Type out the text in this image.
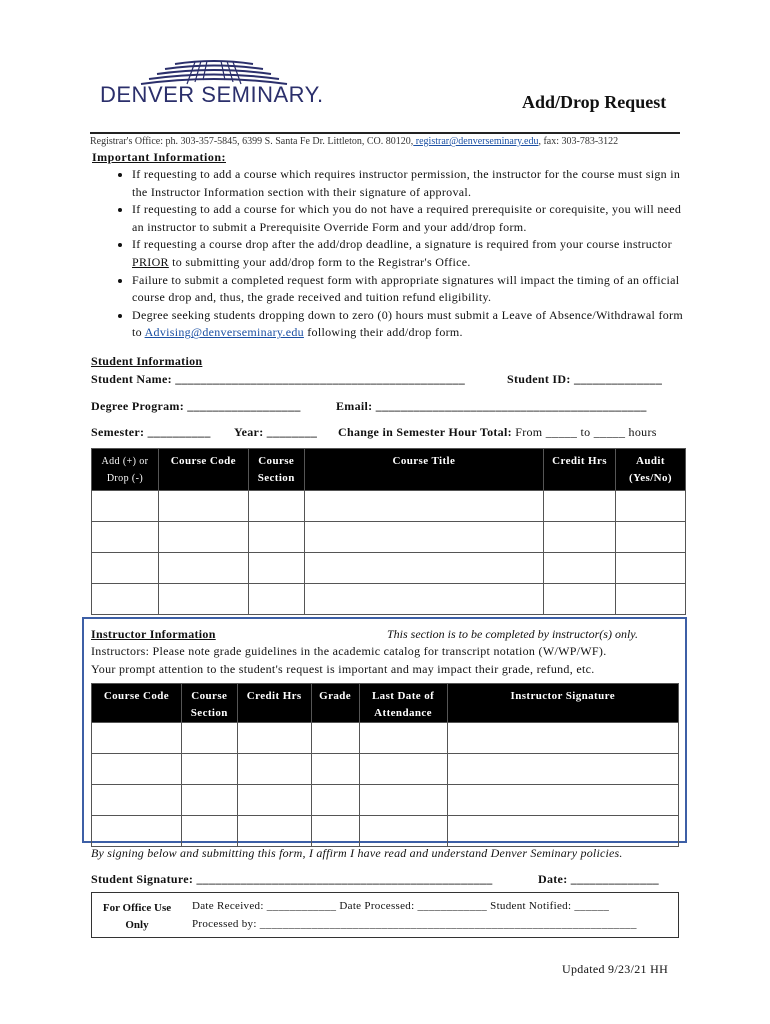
DENVER SEMINARY.	Add/Drop Request
Registrar's Office: ph. 303-357-5845, 6399 S. Santa Fe Dr. Littleton, CO. 80120, registrar@denverseminary.edu, fax: 303-783-3122
Important Information:
• If requesting to add a course which requires instructor permission, the instructor for the course must sign in the Instructor Information section with their signature of approval.
• If requesting to add a course for which you do not have a required prerequisite or corequisite, you will need an instructor to submit a Prerequisite Override Form and your add/drop form.
• If requesting a course drop after the add/drop deadline, a signature is required from your course instructor PRIOR to submitting your add/drop form to the Registrar's Office.
• Failure to submit a completed request form with appropriate signatures will impact the timing of an official course drop and, thus, the grade received and tuition refund eligibility.
• Degree seeking students dropping down to zero (0) hours must submit a Leave of Absence/Withdrawal form to Advising@denverseminary.edu following their add/drop form.
Student Information
Student Name: ______________________________________________	Student ID: ______________
Degree Program: __________________	Email: ___________________________________________
Semester: __________ Year: ________ Change in Semester Hour Total: From _____ to _____ hours
Add (+) or Drop (-)	Course Code	Course Section	Course Title	Credit Hrs	Audit (Yes/No)

Instructor Information	This section is to be completed by instructor(s) only.
Instructors: Please note grade guidelines in the academic catalog for transcript notation (W/WP/WF).
Your prompt attention to the student's request is important and may impact their grade, refund, etc.
Course Code	Course Section	Credit Hrs	Grade	Last Date of Attendance	Instructor Signature

By signing below and submitting this form, I affirm I have read and understand Denver Seminary policies.
Student Signature: _______________________________________________	Date: ______________
For Office Use Only
Date Received: ____________ Date Processed: ____________ Student Notified: ______
Processed by: _________________________________________________________________
Updated 9/23/21 HH
